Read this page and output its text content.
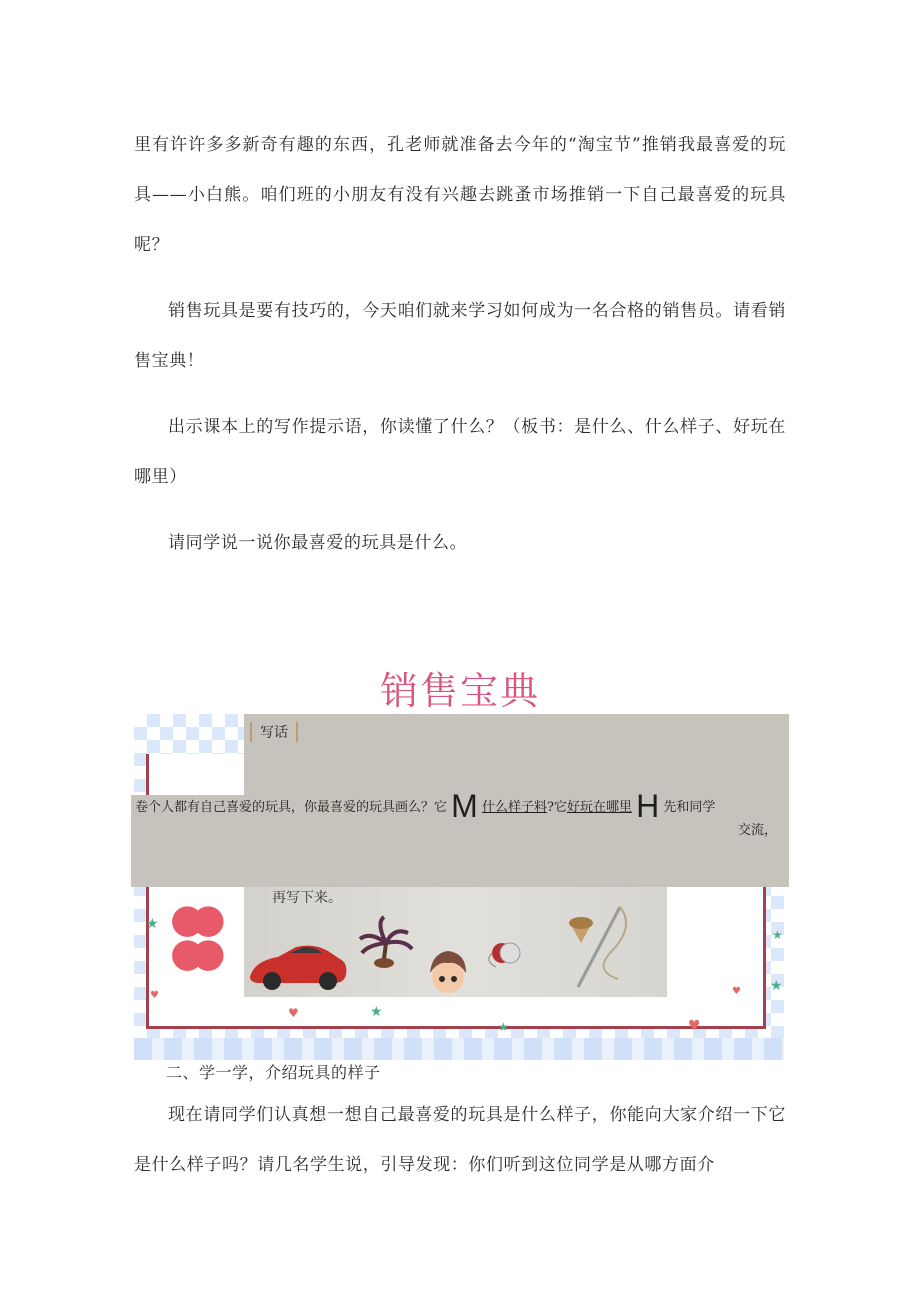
里有许许多多新奇有趣的东西，孔老师就准备去今年的“淘宝节”推销我最喜爱的玩具——小白熊。咱们班的小朋友有没有兴趣去跳蚤市场推销一下自己最喜爱的玩具呢？

销售玩具是要有技巧的，今天咱们就来学习如何成为一名合格的销售员。请看销售宝典！

出示课本上的写作提示语，你读懂了什么？（板书：是什么、什么样子、好玩在哪里）

请同学说一说你最喜爱的玩具是什么。

销售宝典
★ ●●
●●	★
★
♥
♥	★
★	♥
♥
写话
卷个人都有自己喜爱的玩具，你最喜爱的玩具画么？它 M 什么样子料?它好玩在哪里 H 先和同学
交流，
再写下来。
二、学一学，介绍玩具的样子

现在请同学们认真想一想自己最喜爱的玩具是什么样子，你能向大家介绍一下它是什么样子吗？请几名学生说，引导发现：你们听到这位同学是从哪方面介
